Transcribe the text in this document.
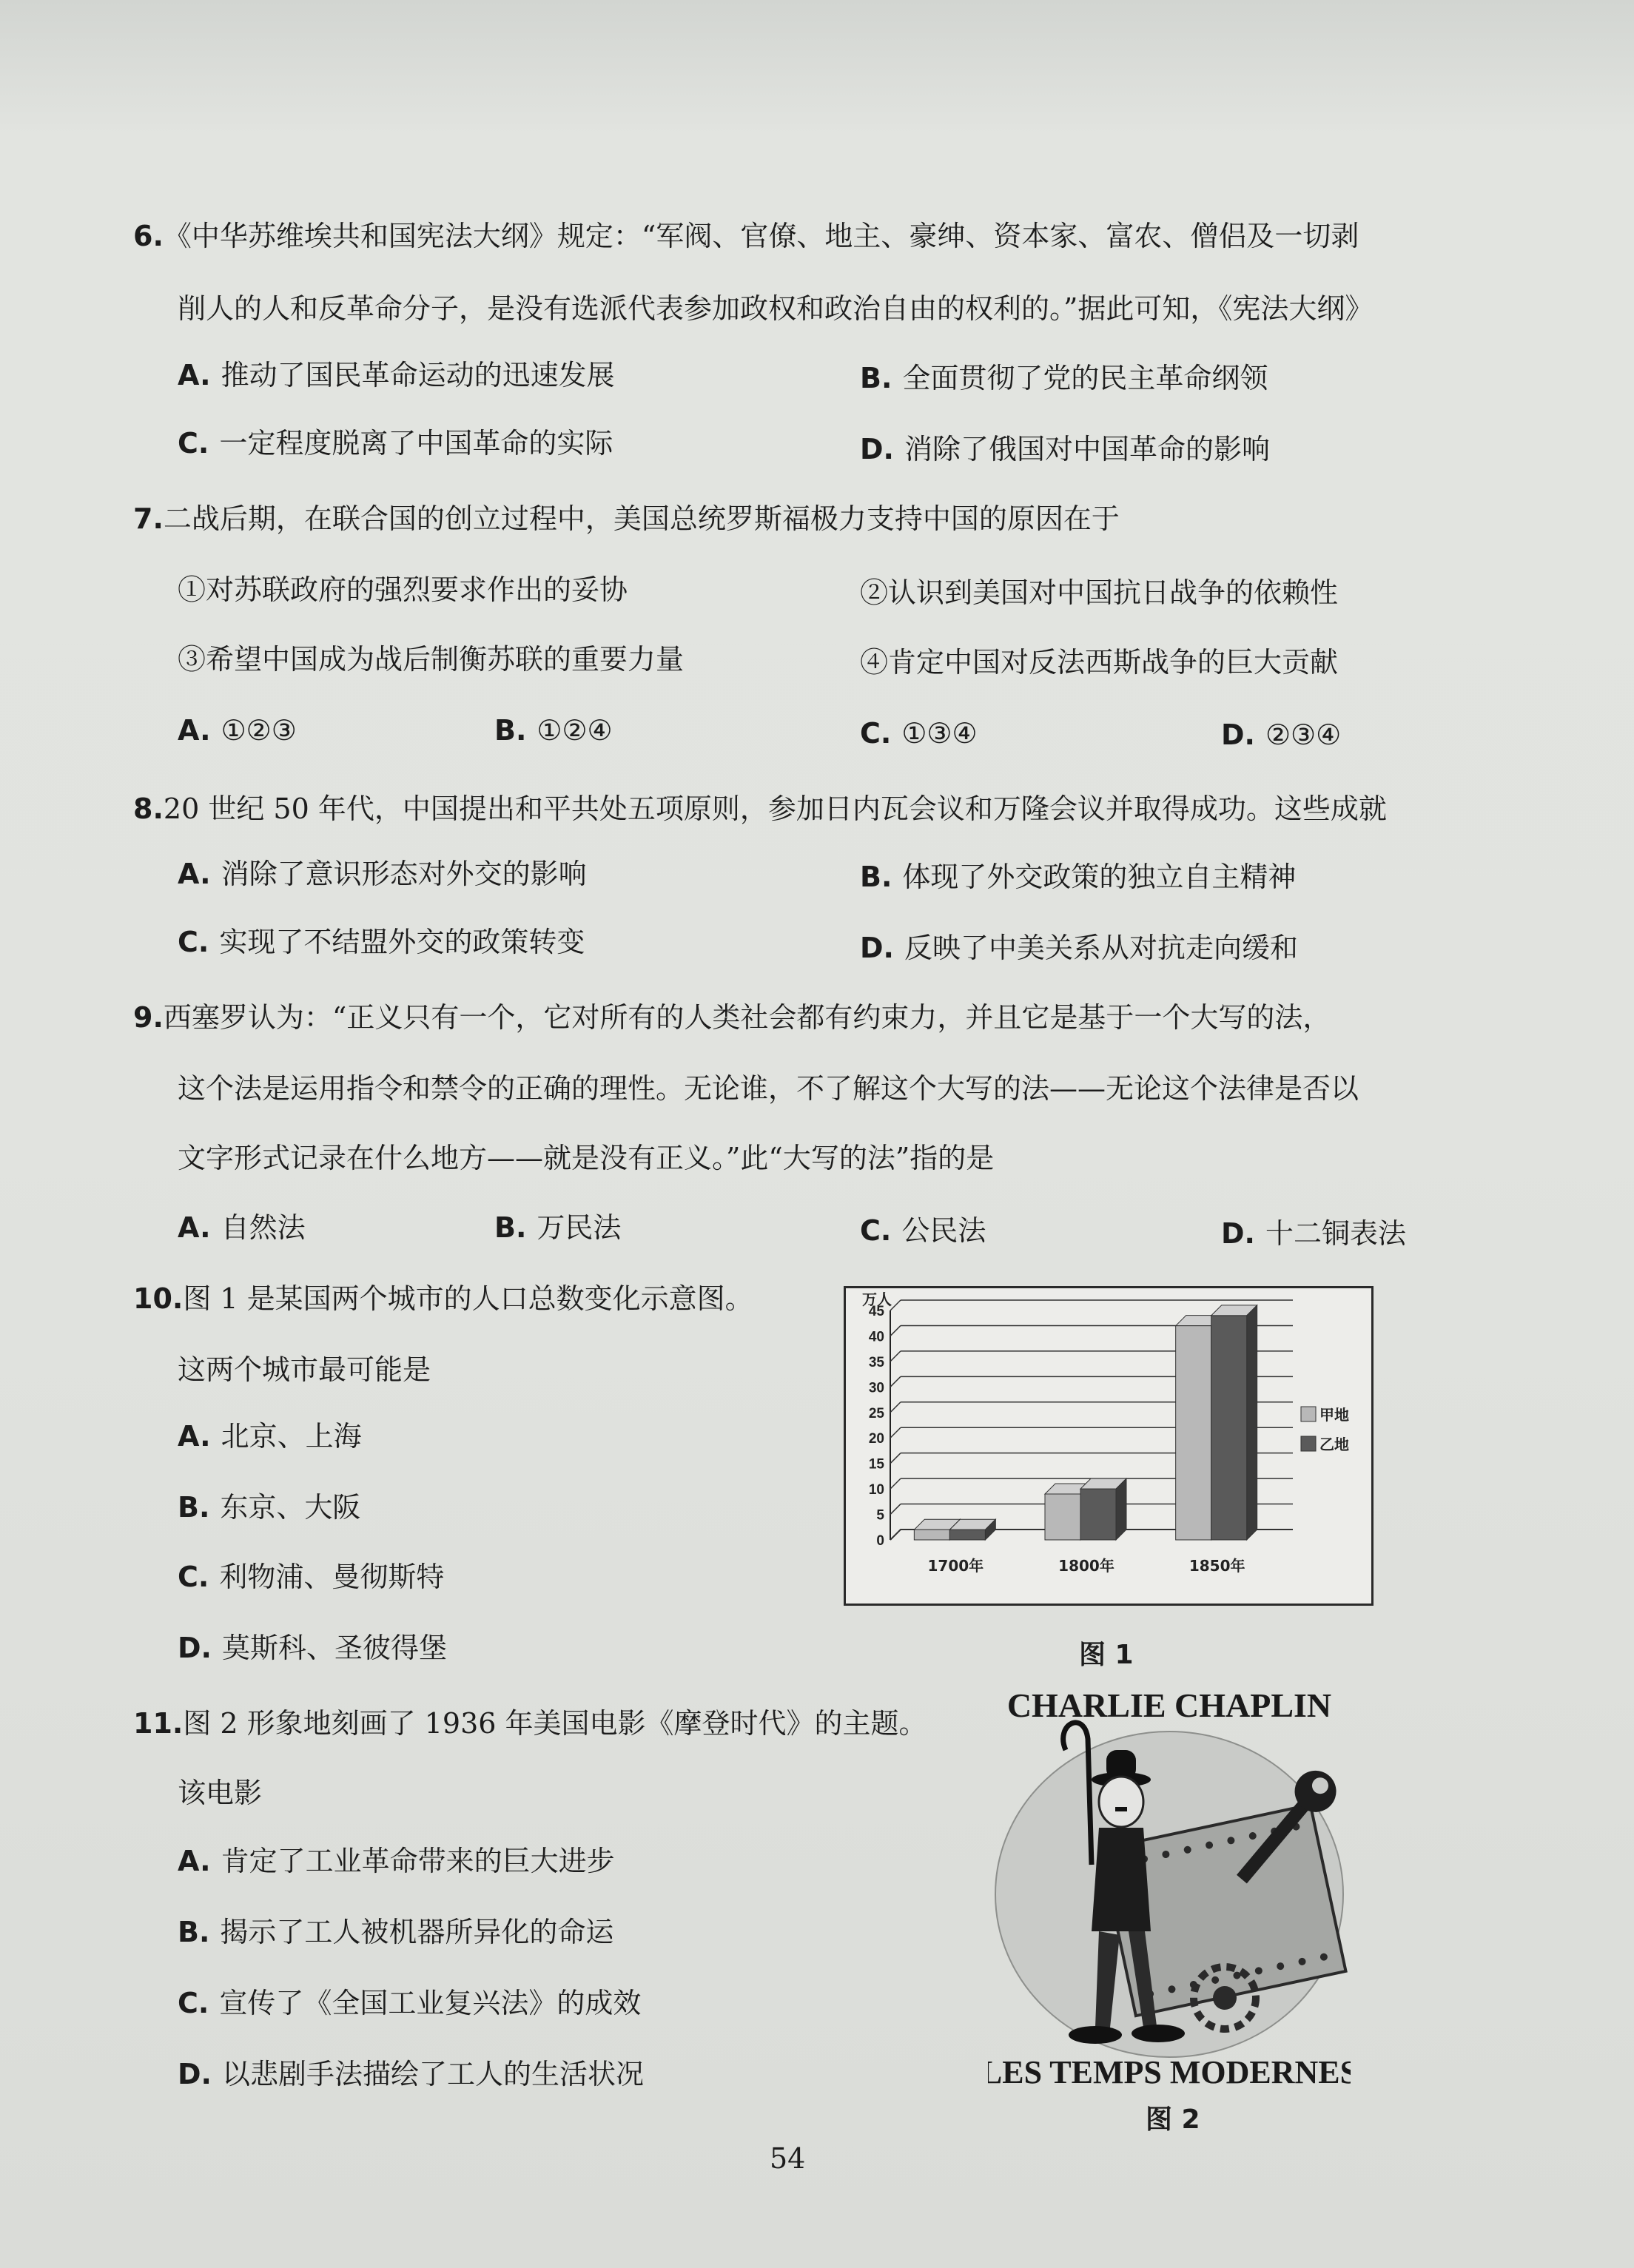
6.《中华苏维埃共和国宪法大纲》规定：“军阀、官僚、地主、豪绅、资本家、富农、僧侣及一切剥
削人的人和反革命分子，是没有选派代表参加政权和政治自由的权利的。”据此可知，《宪法大纲》
A. 推动了国民革命运动的迅速发展	B. 全面贯彻了党的民主革命纲领
C. 一定程度脱离了中国革命的实际	D. 消除了俄国对中国革命的影响
7.二战后期，在联合国的创立过程中，美国总统罗斯福极力支持中国的原因在于
①对苏联政府的强烈要求作出的妥协	②认识到美国对中国抗日战争的依赖性
③希望中国成为战后制衡苏联的重要力量	④肯定中国对反法西斯战争的巨大贡献
A. ①②③	B. ①②④	C. ①③④	D. ②③④
8.20 世纪 50 年代，中国提出和平共处五项原则，参加日内瓦会议和万隆会议并取得成功。这些成就
A. 消除了意识形态对外交的影响	B. 体现了外交政策的独立自主精神
C. 实现了不结盟外交的政策转变	D. 反映了中美关系从对抗走向缓和
9.西塞罗认为：“正义只有一个，它对所有的人类社会都有约束力，并且它是基于一个大写的法，
这个法是运用指令和禁令的正确的理性。无论谁，不了解这个大写的法——无论这个法律是否以
文字形式记录在什么地方——就是没有正义。”此“大写的法”指的是
A. 自然法	B. 万民法	C. 公民法	D. 十二铜表法
10.图 1 是某国两个城市的人口总数变化示意图。
这两个城市最可能是
A. 北京、上海
B. 东京、大阪
C. 利物浦、曼彻斯特
D. 莫斯科、圣彼得堡
0
5
10
15
20
25
30
35
40
45
万人
1700年	1800年	1850年
甲地
乙地
图 1
11.图 2 形象地刻画了 1936 年美国电影《摩登时代》的主题。
该电影
A. 肯定了工业革命带来的巨大进步
B. 揭示了工人被机器所异化的命运
C. 宣传了《全国工业复兴法》的成效
D. 以悲剧手法描绘了工人的生活状况
CHARLIE CHAPLIN
LES TEMPS MODERNES
图 2
54
